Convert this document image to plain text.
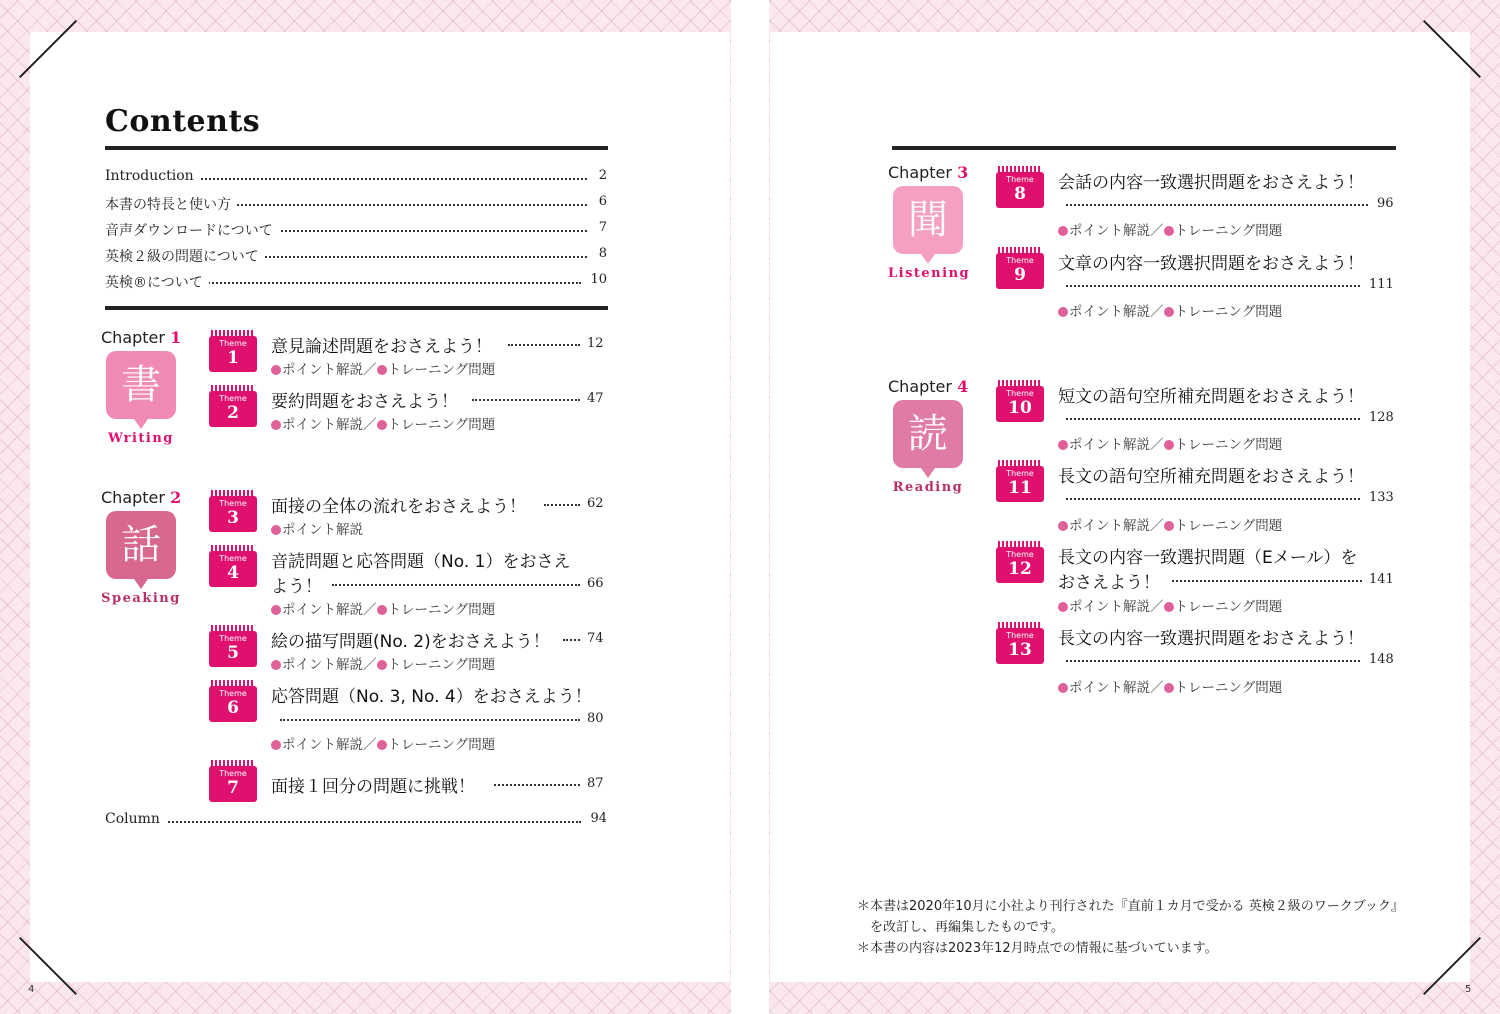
Contents
Introduction	2
本書の特長と使い方	6
音声ダウンロードについて	7
英検２級の問題について	8
英検®について	10
Chapter 1
書
Writing
Chapter 2
話
Speaking
Theme
1
意見論述問題をおさえよう！	12
ポイント解説／ トレーニング問題
Theme
2
要約問題をおさえよう！	47
ポイント解説／ トレーニング問題
Theme
3
面接の全体の流れをおさえよう！	62
ポイント解説
Theme
4
音読問題と応答問題（No. 1）をおさえ
よう！	66
ポイント解説／ トレーニング問題
Theme
5
絵の描写問題(No. 2)をおさえよう！	74
ポイント解説／ トレーニング問題
Theme
6
応答問題（No. 3, No. 4）をおさえよう！
80
ポイント解説／ トレーニング問題
Theme
7	面接１回分の問題に挑戦！	87
Column	94
4
Chapter 3
聞
Listening
Chapter 4
読
Reading
Theme
8
会話の内容一致選択問題をおさえよう！
96
ポイント解説／ トレーニング問題
Theme
9
文章の内容一致選択問題をおさえよう！
111
ポイント解説／ トレーニング問題
Theme
10
短文の語句空所補充問題をおさえよう！
128
ポイント解説／ トレーニング問題
Theme
11
長文の語句空所補充問題をおさえよう！
133
ポイント解説／ トレーニング問題
Theme
12
長文の内容一致選択問題（Eメール）を
おさえよう！	141
ポイント解説／ トレーニング問題
Theme
13
長文の内容一致選択問題をおさえよう！
148
ポイント解説／ トレーニング問題
＊本書は2020年10月に小社より刊行された『直前１カ月で受かる 英検２級のワークブック』
　を改訂し、再編集したものです。
＊本書の内容は2023年12月時点での情報に基づいています。
5
